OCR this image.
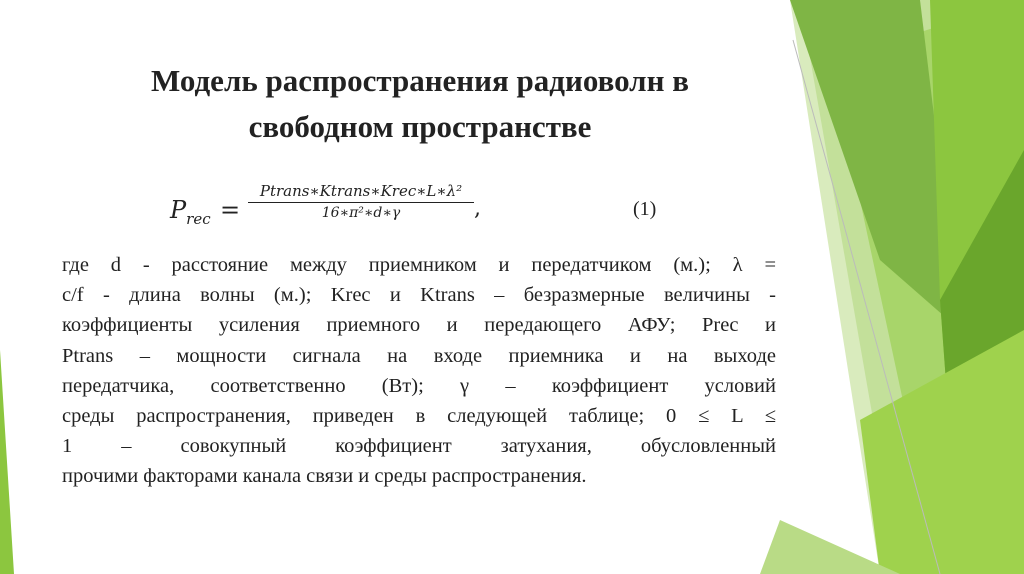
Модель распространения радиоволн в
свободном пространстве
$P_{rec}$ =
Ptrans∗Ktrans∗Krec∗L∗λ²
16∗π²∗d∗γ	,	(1)
где d - расстояние между приемником и передатчиком (м.); λ =
c/f - длина волны (м.); Krec и Ktrans – безразмерные величины -
коэффициенты усиления приемного и передающего АФУ; Prec и
Ptrans – мощности сигнала на входе приемника и на выходе
передатчика, соответственно (Вт); γ – коэффициент условий
среды распространения, приведен в следующей таблице; 0 ≤ L ≤
1 – совокупный коэффициент затухания, обусловленный
прочими факторами канала связи и среды распространения.
